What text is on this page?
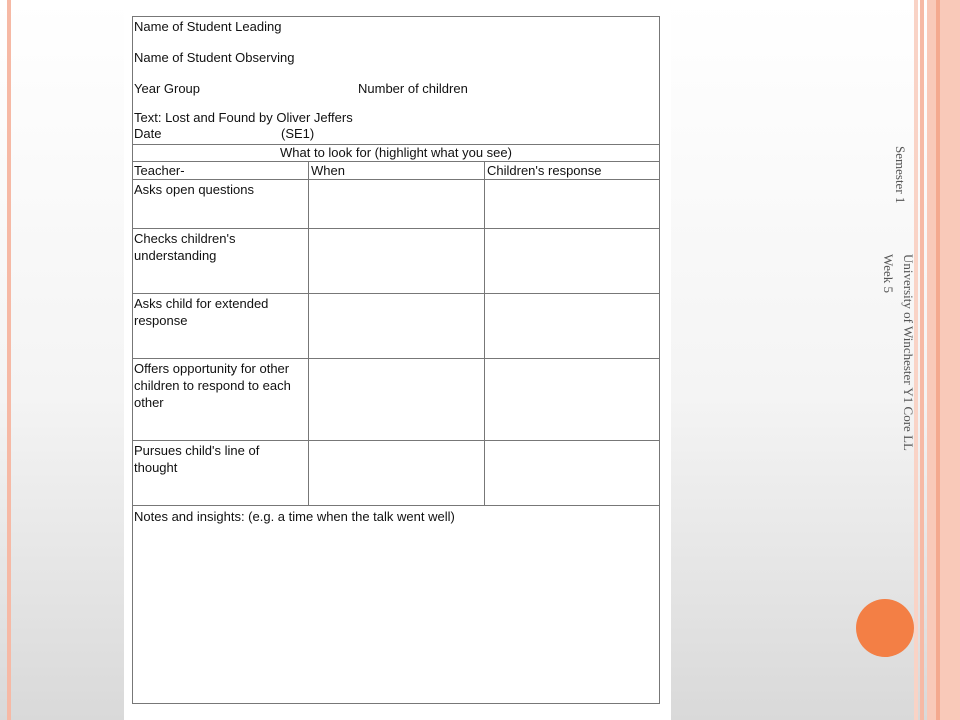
Name of Student Leading
Name of Student Observing
Year Group	Number of children
Text: Lost and Found by Oliver Jeffers
Date	(SE1)
What to look for (highlight what you see)
Teacher-	When	Children's response
Asks open questions
Checks children's understanding
Asks child for extended response
Offers opportunity for other children to respond to each other
Pursues child's line of thought
Notes and insights: (e.g. a time when the talk went well)
Semester 1
University of Winchester Y1 Core LL
Week 5
